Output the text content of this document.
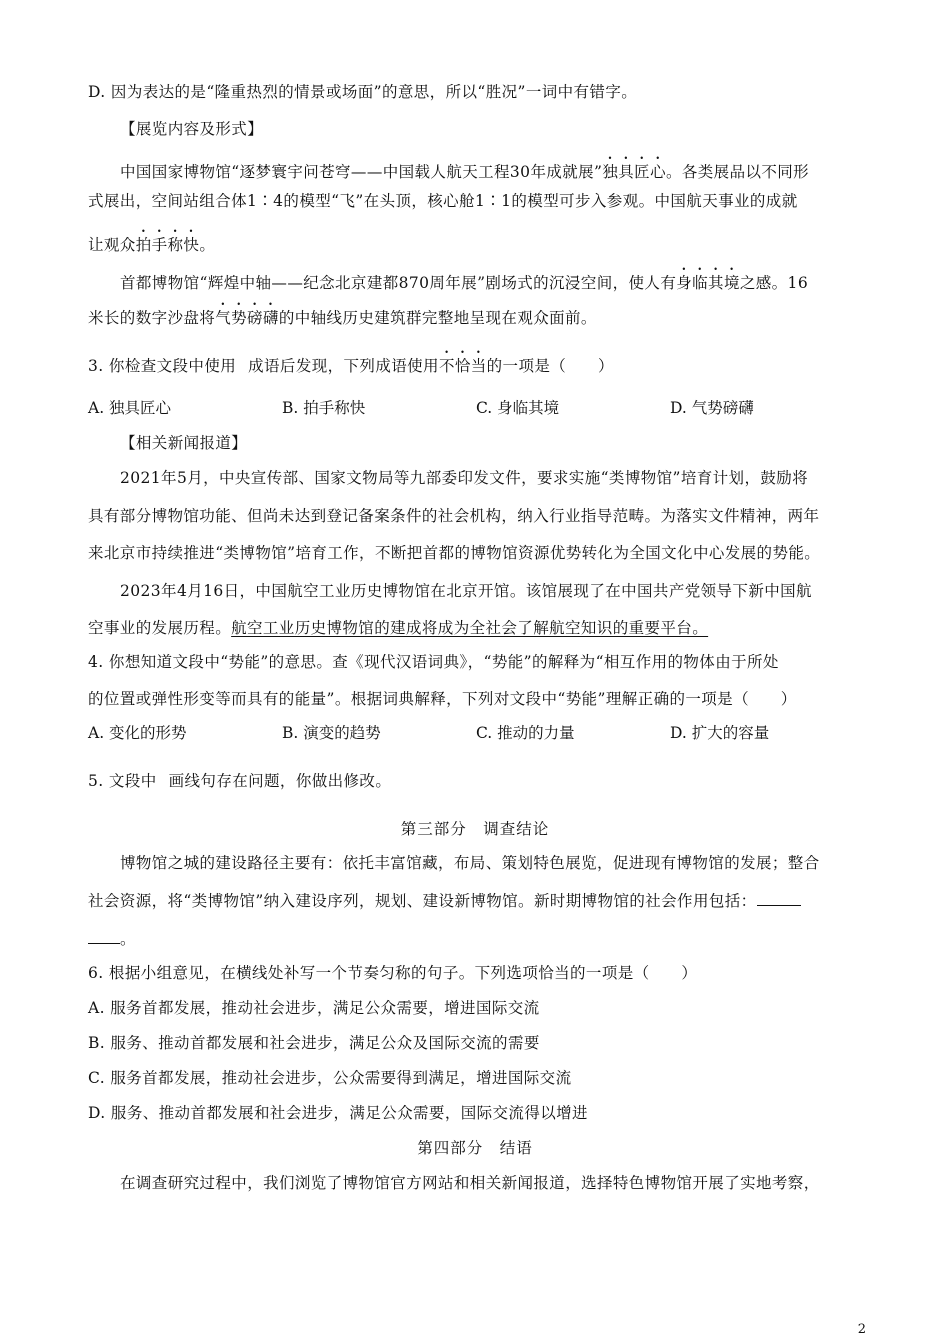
D. 因为表达的是“隆重热烈的情景或场面”的意思，所以“胜况”一词中有错字。

【展览内容及形式】

中国国家博物馆“逐梦寰宇问苍穹——中国载人航天工程30年成就展”独具匠心。各类展品以不同形

式展出，空间站组合体1∶4的模型“飞”在头顶，核心舱1∶1的模型可步入参观。中国航天事业的成就

让观众拍手称快。

首都博物馆“辉煌中轴——纪念北京建都870周年展”剧场式的沉浸空间，使人有身临其境之感。16

米长的数字沙盘将气势磅礴的中轴线历史建筑群完整地呈现在观众面前。

3. 你检查文段中使用 成语后发现，下列成语使用不恰当的一项是（　　）

A. 独具匠心	B. 拍手称快	C. 身临其境	D. 气势磅礴

【相关新闻报道】

2021年5月，中央宣传部、国家文物局等九部委印发文件，要求实施“类博物馆”培育计划，鼓励将

具有部分博物馆功能、但尚未达到登记备案条件的社会机构，纳入行业指导范畴。为落实文件精神，两年

来北京市持续推进“类博物馆”培育工作，不断把首都的博物馆资源优势转化为全国文化中心发展的势能。

2023年4月16日，中国航空工业历史博物馆在北京开馆。该馆展现了在中国共产党领导下新中国航

空事业的发展历程。航空工业历史博物馆的建成将成为全社会了解航空知识的重要平台。

4. 你想知道文段中“势能”的意思。查《现代汉语词典》，“势能”的解释为“相互作用的物体由于所处

的位置或弹性形变等而具有的能量”。根据词典解释，下列对文段中“势能”理解正确的一项是（　　）

A. 变化的形势	B. 演变的趋势	C. 推动的力量	D. 扩大的容量

5. 文段中 画线句存在问题，你做出修改。

第三部分　调查结论

博物馆之城的建设路径主要有：依托丰富馆藏，布局、策划特色展览，促进现有博物馆的发展；整合

社会资源，将“类博物馆”纳入建设序列，规划、建设新博物馆。新时期博物馆的社会作用包括：

。

6. 根据小组意见，在横线处补写一个节奏匀称的句子。下列选项恰当的一项是（　　）

A. 服务首都发展，推动社会进步，满足公众需要，增进国际交流

B. 服务、推动首都发展和社会进步，满足公众及国际交流的需要

C. 服务首都发展，推动社会进步，公众需要得到满足，增进国际交流

D. 服务、推动首都发展和社会进步，满足公众需要，国际交流得以增进

第四部分　结语

在调查研究过程中，我们浏览了博物馆官方网站和相关新闻报道，选择特色博物馆开展了实地考察，

2
